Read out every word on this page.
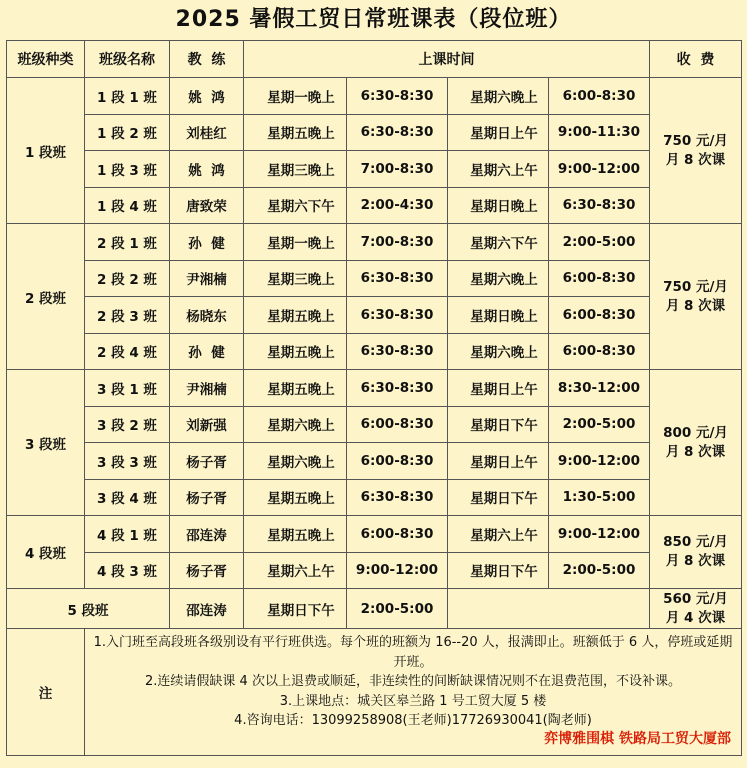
2025 暑假工贸日常班课表（段位班）
班级种类	班级名称	教  练	上课时间				收  费
1 段班	1 段 1 班	姚  鸿	星期一晚上	6:30-8:30	星期六晚上	6:00-8:30	750 元/月
月 8 次课

	1 段 2 班	刘桂红	星期五晚上	6:30-8:30	星期日上午	9:00-11:30	
	1 段 3 班	姚  鸿	星期三晚上	7:00-8:30	星期六上午	9:00-12:00	
	1 段 4 班	唐致荣	星期六下午	2:00-4:30	星期日晚上	6:30-8:30	
2 段班	2 段 1 班	孙  健	星期一晚上	7:00-8:30	星期六下午	2:00-5:00	750 元/月
月 8 次课

	2 段 2 班	尹湘楠	星期三晚上	6:30-8:30	星期六晚上	6:00-8:30	
	2 段 3 班	杨晓东	星期五晚上	6:30-8:30	星期日晚上	6:00-8:30	
	2 段 4 班	孙  健	星期五晚上	6:30-8:30	星期六晚上	6:00-8:30	
3 段班	3 段 1 班	尹湘楠	星期五晚上	6:30-8:30	星期日上午	8:30-12:00	800 元/月
月 8 次课

	3 段 2 班	刘新强	星期六晚上	6:00-8:30	星期日下午	2:00-5:00	
	3 段 3 班	杨子胥	星期六晚上	6:00-8:30	星期日上午	9:00-12:00	
	3 段 4 班	杨子胥	星期五晚上	6:30-8:30	星期日下午	1:30-5:00	
4 段班	4 段 1 班	邵连涛	星期五晚上	6:00-8:30	星期六上午	9:00-12:00	850 元/月
月 8 次课

	4 段 3 班	杨子胥	星期六上午	9:00-12:00	星期日下午	2:00-5:00	
5 段班		邵连涛	星期日下午	2:00-5:00			560 元/月
月 4 次课

注	1.入门班至高段班各级别设有平行班供选。每个班的班额为 16--20 人，报满即止。班额低于 6 人，停班或延期开班。
2.连续请假缺课 4 次以上退费或顺延，非连续性的间断缺课情况则不在退费范围，不设补课。
3.上课地点：城关区皋兰路 1 号工贸大厦 5 楼
4.咨询电话：13099258908(王老师)17726930041(陶老师)
弈博雅围棋 铁路局工贸大厦部						
